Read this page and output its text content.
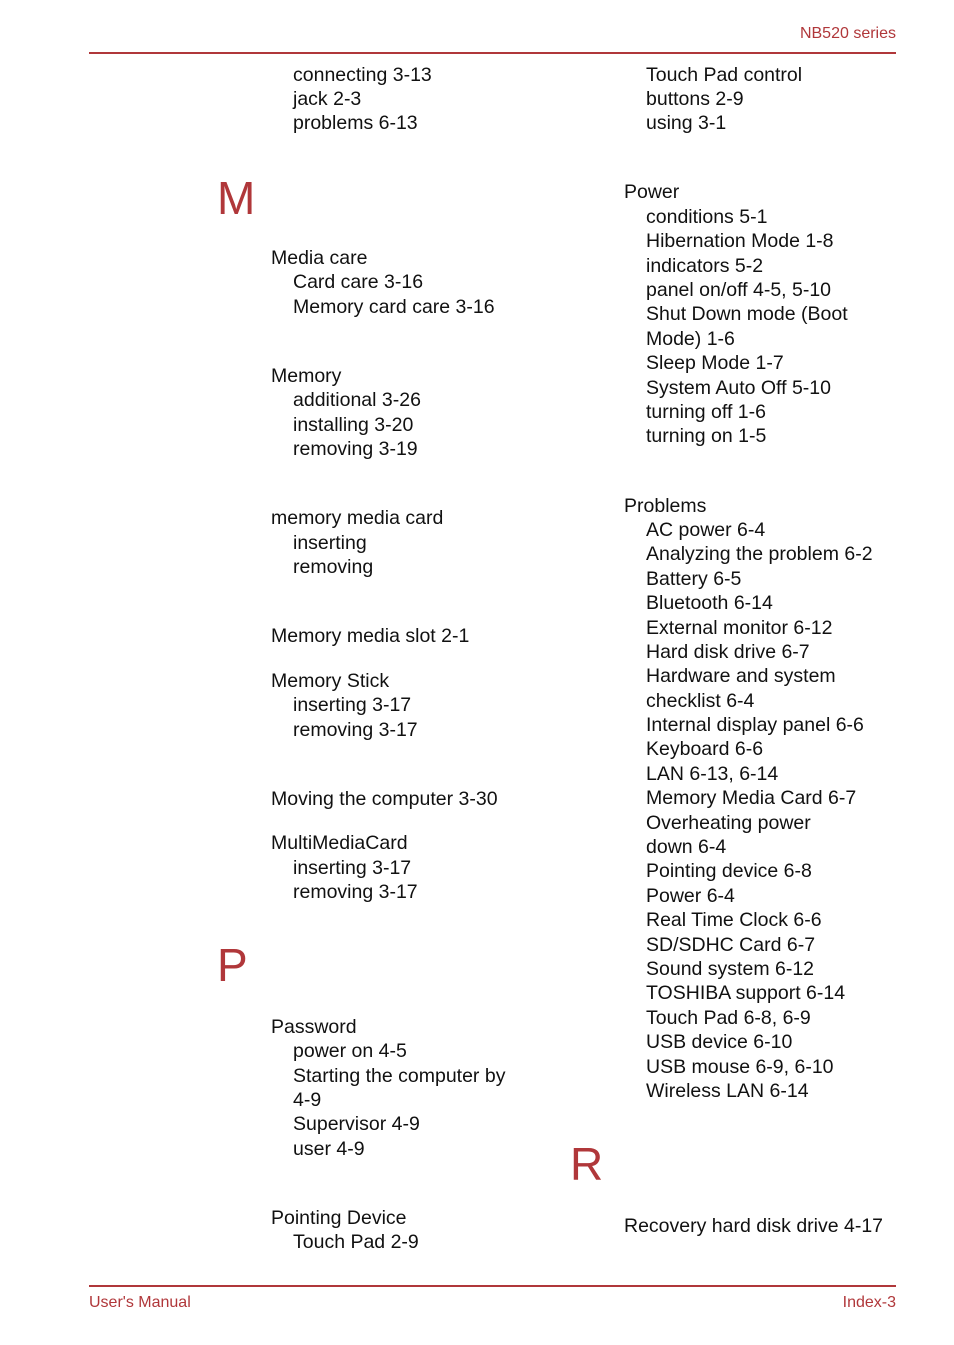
NB520 series
M
P
R
connecting 3-13
jack 2-3
problems 6-13
Media care
Card care 3-16
Memory card care 3-16
Memory
additional 3-26
installing 3-20
removing 3-19
memory media card
inserting
removing
Memory media slot 2-1
Memory Stick
inserting 3-17
removing 3-17
Moving the computer 3-30
MultiMediaCard
inserting 3-17
removing 3-17
Password
power on 4-5
Starting the computer by
4-9
Supervisor 4-9
user 4-9
Pointing Device
Touch Pad 2-9
Touch Pad control
buttons 2-9
using 3-1
Power
conditions 5-1
Hibernation Mode 1-8
indicators 5-2
panel on/off 4-5, 5-10
Shut Down mode (Boot
Mode) 1-6
Sleep Mode 1-7
System Auto Off 5-10
turning off 1-6
turning on 1-5
Problems
AC power 6-4
Analyzing the problem 6-2
Battery 6-5
Bluetooth 6-14
External monitor 6-12
Hard disk drive 6-7
Hardware and system
checklist 6-4
Internal display panel 6-6
Keyboard 6-6
LAN 6-13, 6-14
Memory Media Card 6-7
Overheating power
down 6-4
Pointing device 6-8
Power 6-4
Real Time Clock 6-6
SD/SDHC Card 6-7
Sound system 6-12
TOSHIBA support 6-14
Touch Pad 6-8, 6-9
USB device 6-10
USB mouse 6-9, 6-10
Wireless LAN 6-14
Recovery hard disk drive 4-17
User's Manual	Index-3
